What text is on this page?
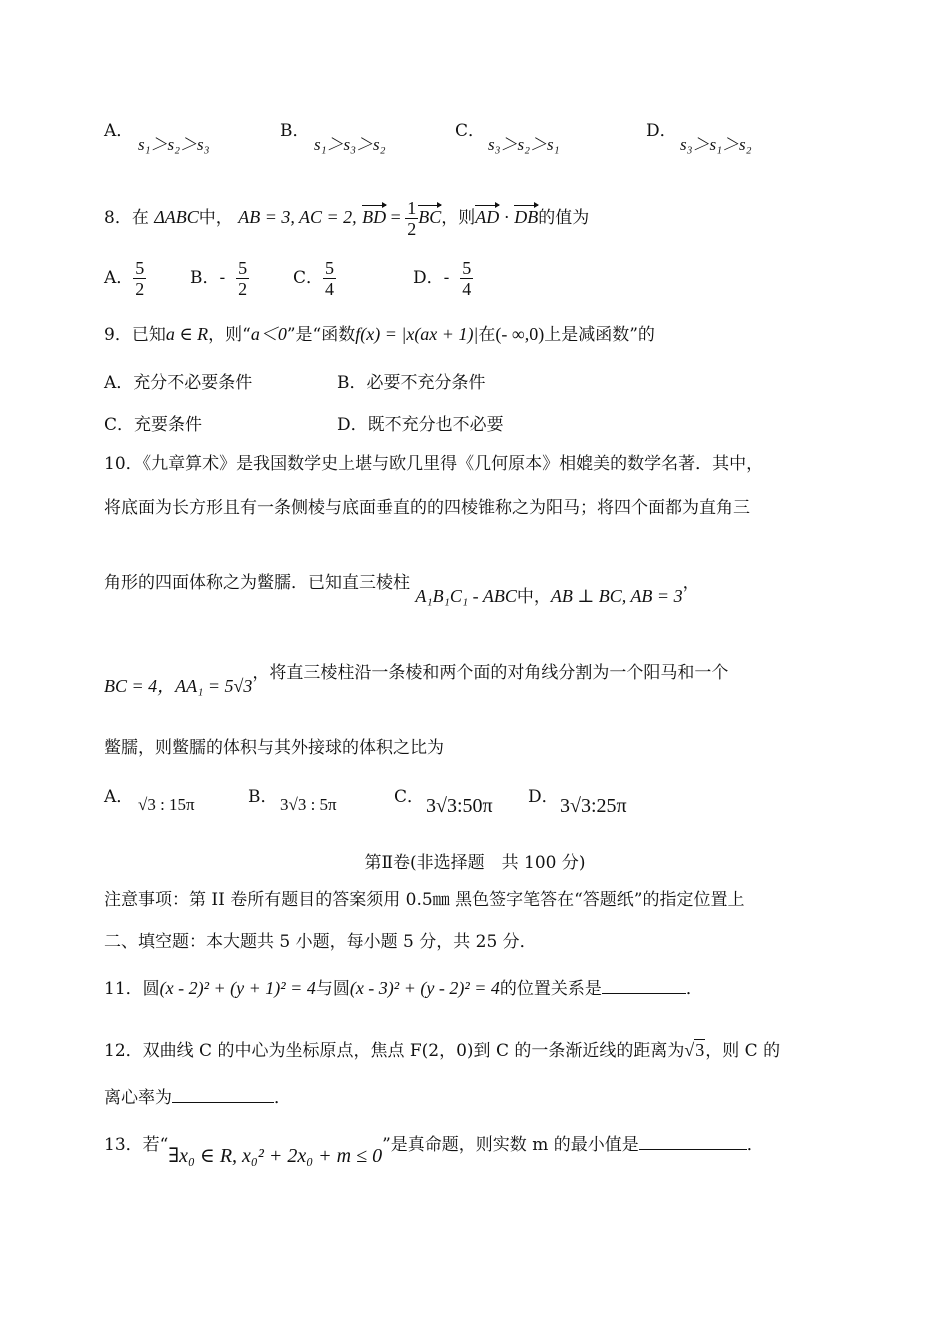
A．
s₁＞s₂＞s₃
B．
s₁＞s₃＞s₂
C．
s₃＞s₂＞s₁
D．
s₃＞s₁＞s₂
8．在 ΔABC中， AB = 3, AC = 2, BD = $\frac{1}{2}$ BC，则AD · DB的值为
A． $\frac{5}{2}$	B．- $\frac{5}{2}$	C． $\frac{5}{4}$	D．- $\frac{5}{4}$
9．已知a ∈ R，则“a＜0”是“函数f(x) = |x(ax + 1)|在(- ∞,0)上是减函数”的
A．充分不必要条件	B．必要不充分条件
C．充要条件	D．既不充分也不必要
10．《九章算术》是我国数学史上堪与欧几里得《几何原本》相媲美的数学名著．其中，
将底面为长方形且有一条侧棱与底面垂直的的四棱锥称之为阳马；将四个面都为直角三
角形的四面体称之为鳖臑．已知直三棱柱 A₁B₁C₁ - ABC中，AB ⊥ BC, AB = 3，
BC = 4，AA₁ = 5√3，将直三棱柱沿一条棱和两个面的对角线分割为一个阳马和一个
鳖臑，则鳖臑的体积与其外接球的体积之比为
A． √3 : 15π	B． 3√3 : 5π	C． 3√3:50π D． 3√3:25π
第Ⅱ卷(非选择题　共 100 分)
注意事项：第 II 卷所有题目的答案须用 0.5㎜ 黑色签字笔答在“答题纸”的指定位置上
二、填空题：本大题共 5 小题，每小题 5 分，共 25 分．
11．圆(x - 2)² + (y + 1)² = 4与圆(x - 3)² + (y - 2)² = 4的位置关系是	．
12．双曲线 C 的中心为坐标原点，焦点 F(2，0)到 C 的一条渐近线的距离为√3，则 C 的
离心率为	．
13．若“∃x₀ ∈ R, x₀² + 2x₀ + m ≤ 0”是真命题，则实数 m 的最小值是	．
